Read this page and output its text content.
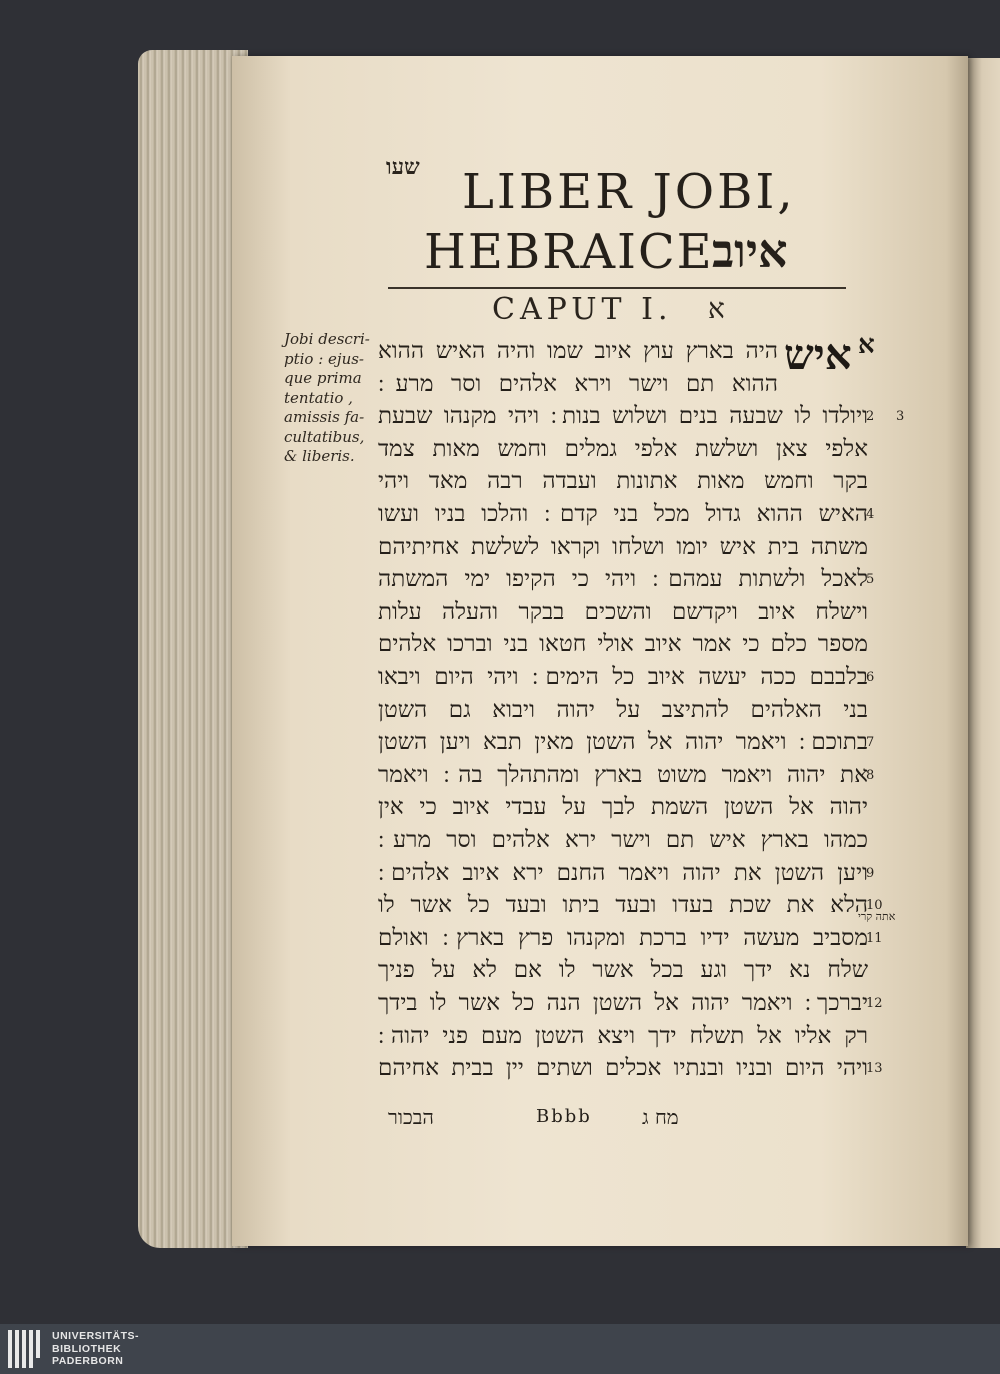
שעו LIBER JOBI,
HEBRAICE
איוב
CAPUT I. א
Jobi descri-
ptio : ejus-
que prima
tentatio ,
amissis fa-
cultatibus,
& liberis.
א
איש
היה בארץ עוץ איוב שמו והיה האיש ההוא
ההוא תם וישר וירא אלהים וסר מרע ׃
ויולדו לו שבעה בנים ושלוש בנות ׃ ויהי מקנהו שבעת
אלפי צאן ושלשת אלפי גמלים וחמש מאות צמד
בקר וחמש מאות אתונות ועבדה רבה מאד ויהי
האיש ההוא גדול מכל בני קדם ׃ והלכו בניו ועשו
משתה בית איש יומו ושלחו וקראו לשלשת אחיתיהם
לאכל ולשתות עמהם ׃ ויהי כי הקיפו ימי המשתה
וישלח איוב ויקדשם והשכים בבקר והעלה עלות
מספר כלם כי אמר איוב אולי חטאו בני וברכו אלהים
בלבבם ככה יעשה איוב כל הימים ׃ ויהי היום ויבאו
בני האלהים להתיצב על יהוה ויבוא גם השטן
בתוכם ׃ ויאמר יהוה אל השטן מאין תבא ויען השטן
את יהוה ויאמר משוט בארץ ומהתהלך בה ׃ ויאמר
יהוה אל השטן השמת לבך על עבדי איוב כי אין
כמהו בארץ איש תם וישר ירא אלהים וסר מרע ׃
ויען השטן את יהוה ויאמר החנם ירא איוב אלהים ׃
הלא את שכת בעדו ובעד ביתו ובעד כל אשר לו
מסביב מעשה ידיו ברכת ומקנהו פרץ בארץ ׃ ואולם
שלח נא ידך וגע בכל אשר לו אם לא על פניך
יברכך ׃ ויאמר יהוה אל השטן הנה כל אשר לו בידך
רק אליו אל תשלח ידך ויצא השטן מעם פני יהוה ׃
ויהי היום ובניו ובנתיו אכלים ושתים יין בבית אחיהם
2 3
4
5
6
7
8
9
10
11
12
13
אתה קרי
הבכור	Bbbb	מח ג
UNIVERSITÄTS-
BIBLIOTHEK
PADERBORN
